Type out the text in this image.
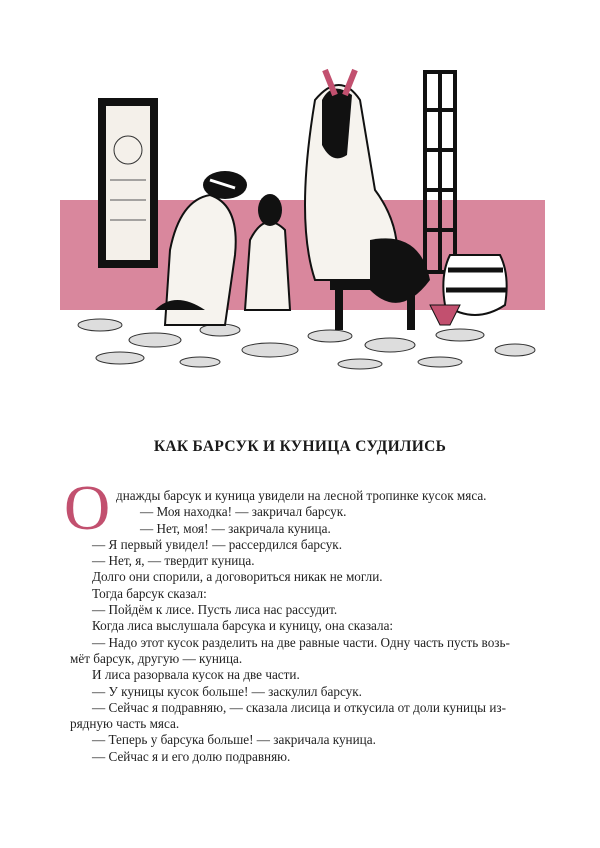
КАК БАРСУК И КУНИЦА СУДИЛИСЬ
О днажды барсук и куница увидели на лесной тропинке кусок мяса.
— Моя находка! — закричал барсук.
— Нет, моя! — закричала куница.
— Я первый увидел! — рассердился барсук.
— Нет, я, — твердит куница.
Долго они спорили, а договориться никак не могли.
Тогда барсук сказал:
— Пойдём к лисе. Пусть лиса нас рассудит.
Когда лиса выслушала барсука и куницу, она сказала:
— Надо этот кусок разделить на две равные части. Одну часть пусть возь-
мёт барсук, другую — куница.
И лиса разорвала кусок на две части.
— У куницы кусок больше! — заскулил барсук.
— Сейчас я подравняю, — сказала лисица и откусила от доли куницы из-
рядную часть мяса.
— Теперь у барсука больше! — закричала куница.
— Сейчас я и его долю подравняю.
